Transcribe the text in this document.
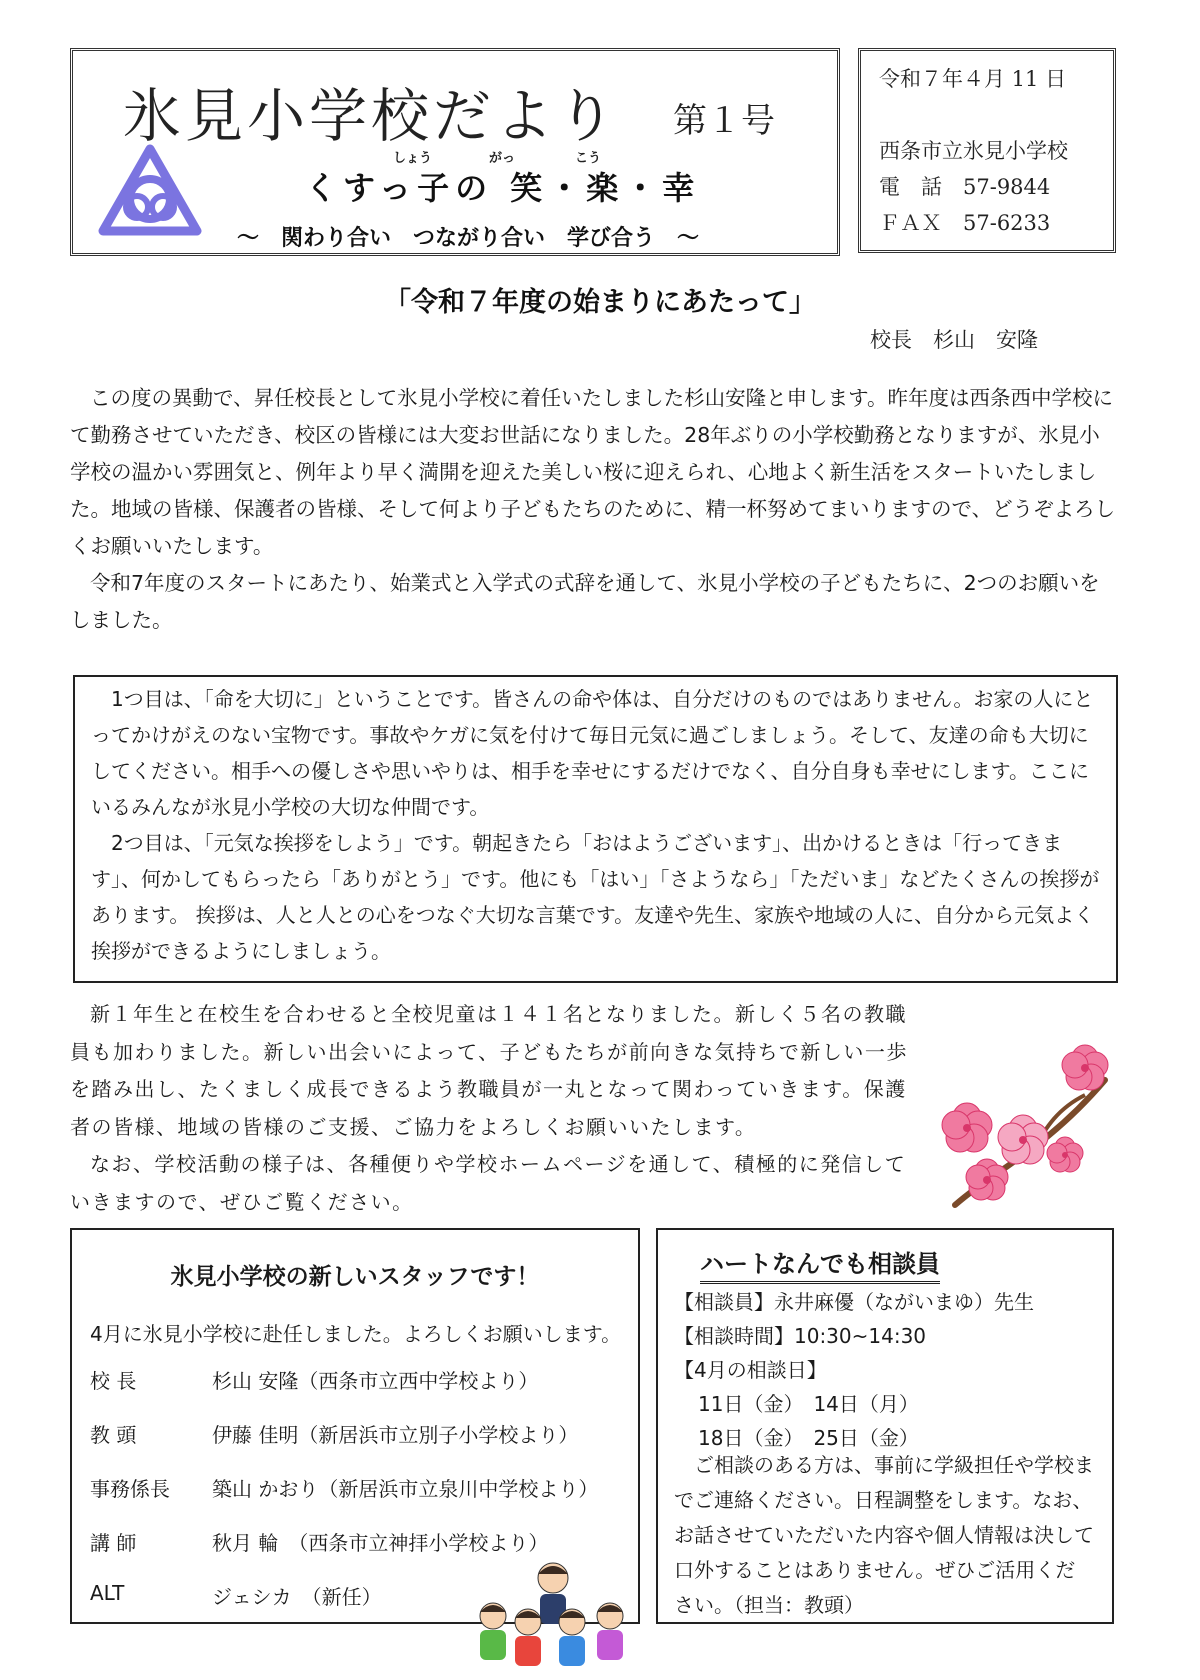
氷見小学校だより 第１号
しょう	がっ	こう
くすっ子の 笑・楽・幸
～　関わり合い　つながり合い　学び合う　～
令和７年４月 11 日
西条市立氷見小学校
電　話　57-9844
ＦＡＸ　57-6233
「令和７年度の始まりにあたって」
校長　杉山　安隆
この度の異動で、昇任校長として氷見小学校に着任いたしました杉山安隆と申します。昨年度は西条西中学校にて勤務させていただき、校区の皆様には大変お世話になりました。28年ぶりの小学校勤務となりますが、氷見小学校の温かい雰囲気と、例年より早く満開を迎えた美しい桜に迎えられ、心地よく新生活をスタートいたしました。地域の皆様、保護者の皆様、そして何より子どもたちのために、精一杯努めてまいりますので、どうぞよろしくお願いいたします。
令和7年度のスタートにあたり、始業式と入学式の式辞を通して、氷見小学校の子どもたちに、2つのお願いをしました。
1つ目は、「命を大切に」ということです。皆さんの命や体は、自分だけのものではありません。お家の人にとってかけがえのない宝物です。事故やケガに気を付けて毎日元気に過ごしましょう。そして、友達の命も大切にしてください。相手への優しさや思いやりは、相手を幸せにするだけでなく、自分自身も幸せにします。ここにいるみんなが氷見小学校の大切な仲間です。
2つ目は、「元気な挨拶をしよう」です。朝起きたら「おはようございます」、出かけるときは「行ってきます」、何かしてもらったら「ありがとう」です。他にも「はい」「さようなら」「ただいま」などたくさんの挨拶があります。 挨拶は、人と人との心をつなぐ大切な言葉です。友達や先生、家族や地域の人に、自分から元気よく挨拶ができるようにしましょう。
新１年生と在校生を合わせると全校児童は１４１名となりました。新しく５名の教職員も加わりました。新しい出会いによって、子どもたちが前向きな気持ちで新しい一歩を踏み出し、たくましく成長できるよう教職員が一丸となって関わっていきます。保護者の皆様、地域の皆様のご支援、ご協力をよろしくお願いいたします。
なお、学校活動の様子は、各種便りや学校ホームページを通して、積極的に発信していきますので、ぜひご覧ください。
氷見小学校の新しいスタッフです！
4月に氷見小学校に赴任しました。よろしくお願いします。
校 長	杉山 安隆（西条市立西中学校より）
教 頭	伊藤 佳明（新居浜市立別子小学校より）
事務係長	築山 かおり（新居浜市立泉川中学校より）
講 師	秋月 輪　（西条市立神拝小学校より）
ALT	ジェシカ　（新任）
ハートなんでも相談員
【相談員】永井麻優（ながいまゆ）先生
【相談時間】10:30~14:30
【4月の相談日】
11日（金）　14日（月）
18日（金）　25日（金）
ご相談のある方は、事前に学級担任や学校までご連絡ください。日程調整をします。なお、お話させていただいた内容や個人情報は決して口外することはありません。ぜひご活用ください。（担当：教頭）
